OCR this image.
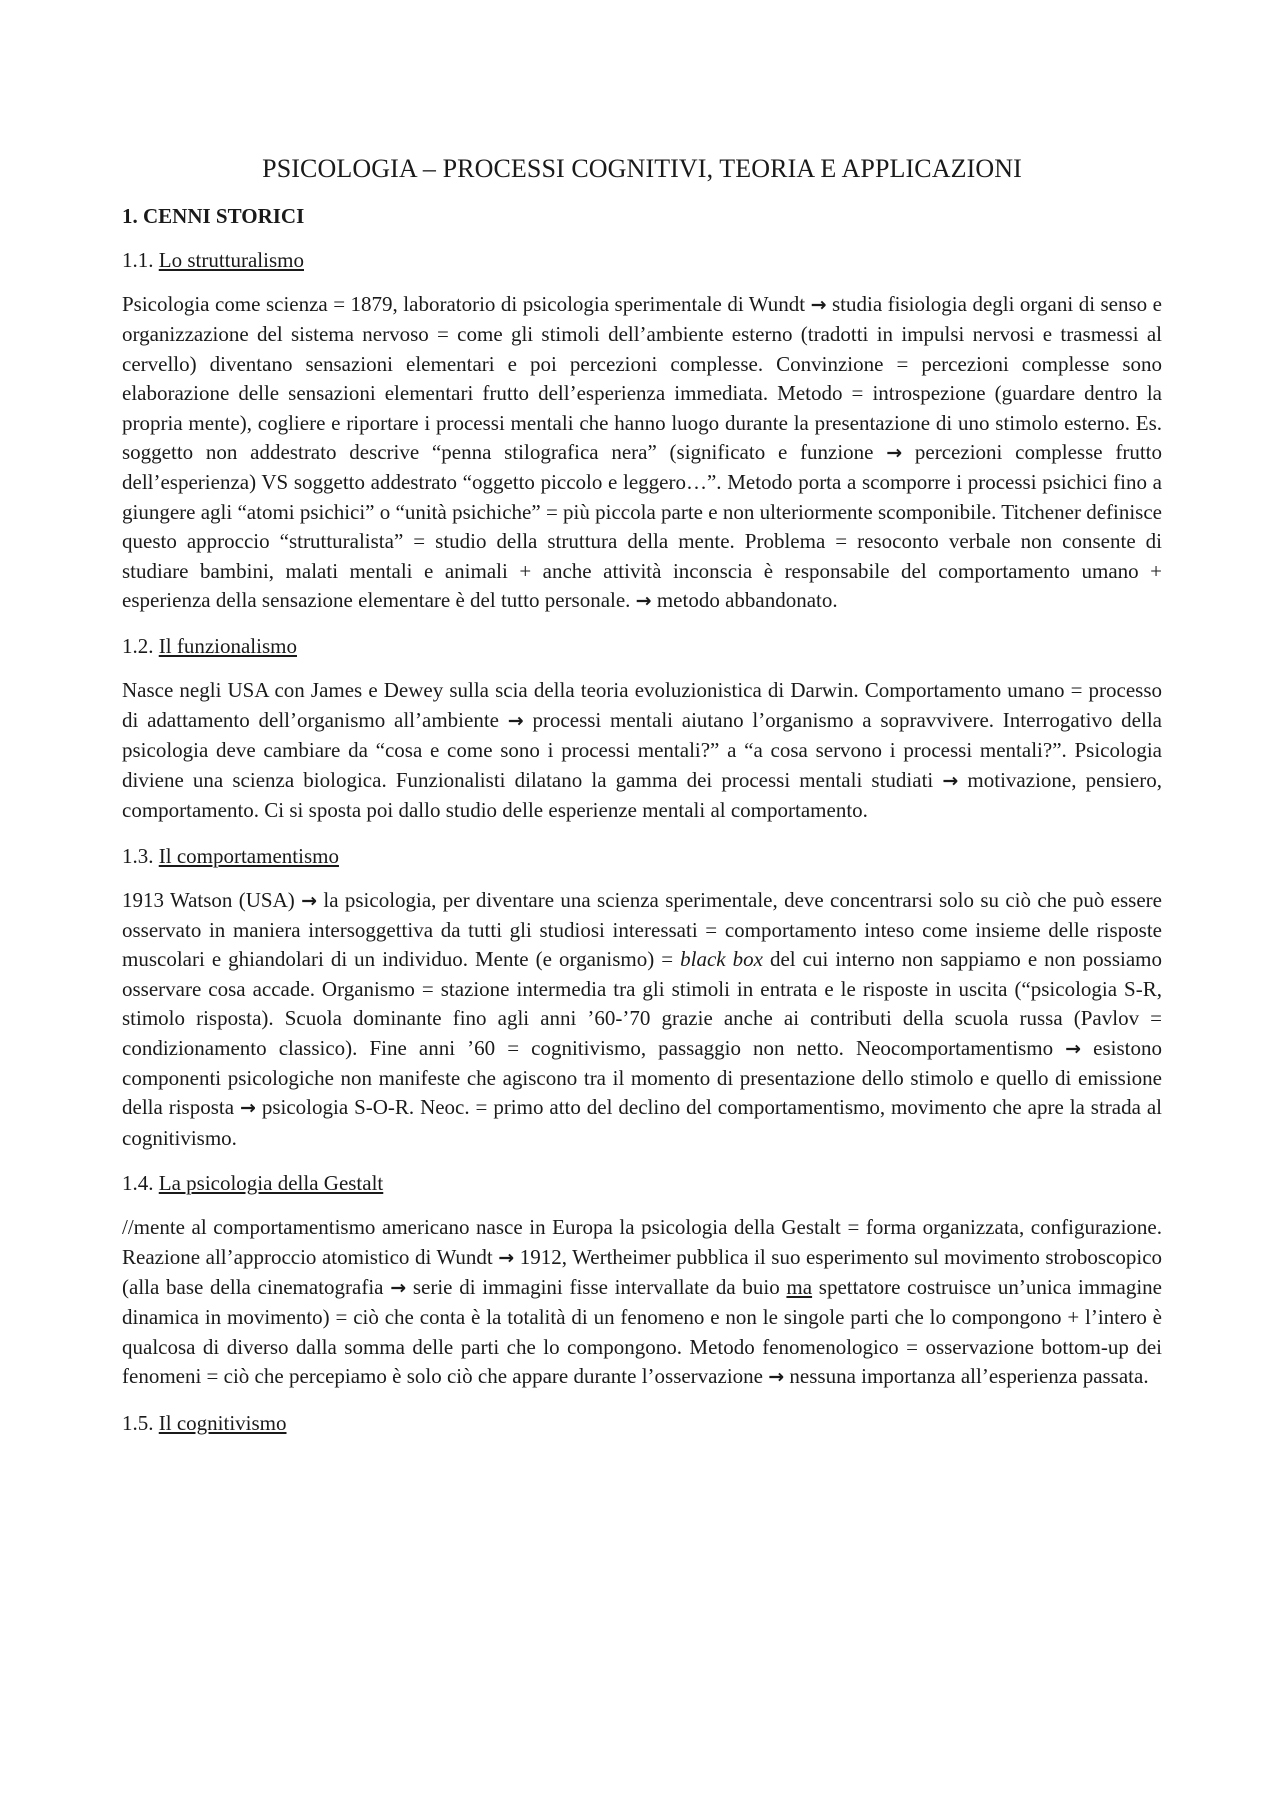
PSICOLOGIA – PROCESSI COGNITIVI, TEORIA E APPLICAZIONI
1. CENNI STORICI
1.1. Lo strutturalismo

Psicologia come scienza = 1879, laboratorio di psicologia sperimentale di Wundt → studia fisiologia degli organi di senso e organizzazione del sistema nervoso = come gli stimoli dell’ambiente esterno (tradotti in impulsi nervosi e trasmessi al cervello) diventano sensazioni elementari e poi percezioni complesse. Convinzione = percezioni complesse sono elaborazione delle sensazioni elementari frutto dell’esperienza immediata. Metodo = introspezione (guardare dentro la propria mente), cogliere e riportare i processi mentali che hanno luogo durante la presentazione di uno stimolo esterno. Es. soggetto non addestrato descrive “penna stilografica nera” (significato e funzione → percezioni complesse frutto dell’esperienza) VS soggetto addestrato “oggetto piccolo e leggero…”. Metodo porta a scomporre i processi psichici fino a giungere agli “atomi psichici” o “unità psichiche” = più piccola parte e non ulteriormente scomponibile. Titchener definisce questo approccio “strutturalista” = studio della struttura della mente. Problema = resoconto verbale non consente di studiare bambini, malati mentali e animali + anche attività inconscia è responsabile del comportamento umano + esperienza della sensazione elementare è del tutto personale. → metodo abbandonato.

1.2. Il funzionalismo

Nasce negli USA con James e Dewey sulla scia della teoria evoluzionistica di Darwin. Comportamento umano = processo di adattamento dell’organismo all’ambiente → processi mentali aiutano l’organismo a sopravvivere. Interrogativo della psicologia deve cambiare da “cosa e come sono i processi mentali?” a “a cosa servono i processi mentali?”. Psicologia diviene una scienza biologica. Funzionalisti dilatano la gamma dei processi mentali studiati → motivazione, pensiero, comportamento. Ci si sposta poi dallo studio delle esperienze mentali al comportamento.

1.3. Il comportamentismo

1913 Watson (USA) → la psicologia, per diventare una scienza sperimentale, deve concentrarsi solo su ciò che può essere osservato in maniera intersoggettiva da tutti gli studiosi interessati = comportamento inteso come insieme delle risposte muscolari e ghiandolari di un individuo. Mente (e organismo) = black box del cui interno non sappiamo e non possiamo osservare cosa accade. Organismo = stazione intermedia tra gli stimoli in entrata e le risposte in uscita (“psicologia S-R, stimolo risposta). Scuola dominante fino agli anni ’60-’70 grazie anche ai contributi della scuola russa (Pavlov = condizionamento classico). Fine anni ’60 = cognitivismo, passaggio non netto. Neocomportamentismo → esistono componenti psicologiche non manifeste che agiscono tra il momento di presentazione dello stimolo e quello di emissione della risposta → psicologia S-O-R. Neoc. = primo atto del declino del comportamentismo, movimento che apre la strada al cognitivismo.

1.4. La psicologia della Gestalt

//mente al comportamentismo americano nasce in Europa la psicologia della Gestalt = forma organizzata, configurazione. Reazione all’approccio atomistico di Wundt → 1912, Wertheimer pubblica il suo esperimento sul movimento stroboscopico (alla base della cinematografia → serie di immagini fisse intervallate da buio ma spettatore costruisce un’unica immagine dinamica in movimento) = ciò che conta è la totalità di un fenomeno e non le singole parti che lo compongono + l’intero è qualcosa di diverso dalla somma delle parti che lo compongono. Metodo fenomenologico = osservazione bottom-up dei fenomeni = ciò che percepiamo è solo ciò che appare durante l’osservazione → nessuna importanza all’esperienza passata.

1.5. Il cognitivismo
